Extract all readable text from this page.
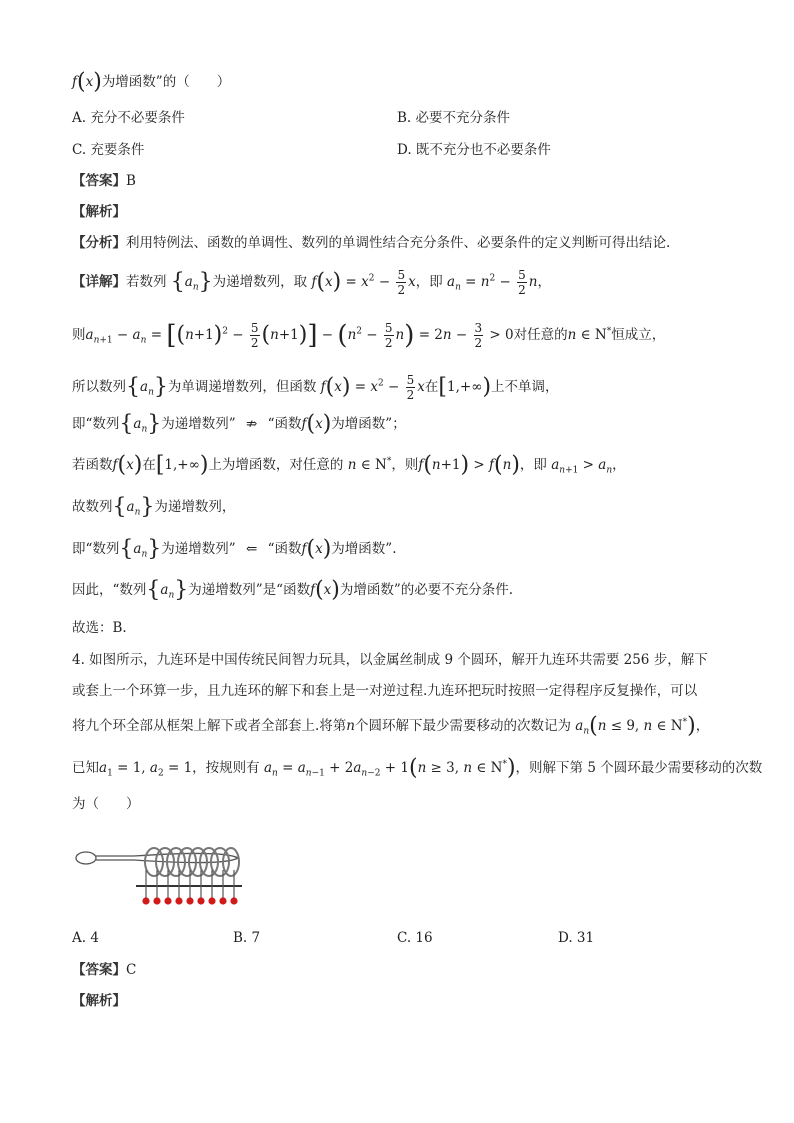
f(x)为增函数”的（　　）
A. 充分不必要条件	B. 必要不充分条件
C. 充要条件	D. 既不充分也不必要条件
【答案】B
【解析】
【分析】利用特例法、函数的单调性、数列的单调性结合充分条件、必要条件的定义判断可得出结论.
【详解】若数列 $\{a_n\}$为递增数列，取 $f(x) = x^2 - \frac{5}{2}$ x，即 $a_n = n^2 - \frac{5}{2}$ n，
则$a_{n+1} - a_n = [(n+1)^2 - \frac{5}{2} (n+1)] - (n^2 - \frac{5}{2} n) = 2n - \frac{3}{2} > 0$对任意的n ∈ N*恒成立，
所以数列$\{a_n\}$为单调递增数列，但函数 $f(x) = x^2 - \frac{5}{2}$ x在[1,+∞)上不单调，
即“数列$\{a_n\}$为递增数列” ⇏ “函数f(x)为增函数”；
若函数f(x)在[1,+∞)上为增函数，对任意的 n ∈ N*，则f(n+1) > f(n)，即 $a_{n+1} > a_n$，
故数列$\{a_n\}$为递增数列，
即“数列$\{a_n\}$为递增数列” ⇐ “函数f(x)为增函数”.
因此，“数列$\{a_n\}$为递增数列”是“函数f(x)为增函数”的必要不充分条件.
故选：B.
4. 如图所示，九连环是中国传统民间智力玩具，以金属丝制成 9 个圆环，解开九连环共需要 256 步，解下
或套上一个环算一步，且九连环的解下和套上是一对逆过程.九连环把玩时按照一定得程序反复操作，可以
将九个环全部从框架上解下或者全部套上.将第n个圆环解下最少需要移动的次数记为 $a_n(n \le 9$, n ∈ N*)，
已知$a_1 = 1$, $a_2 = 1$，按规则有 $a_n = a_{n-1} + 2a_{n-2} + 1(n \ge 3$, n ∈ N*)，则解下第 5 个圆环最少需要移动的次数
为（　　）
A. 4	B. 7	C. 16	D. 31
【答案】C
【解析】
